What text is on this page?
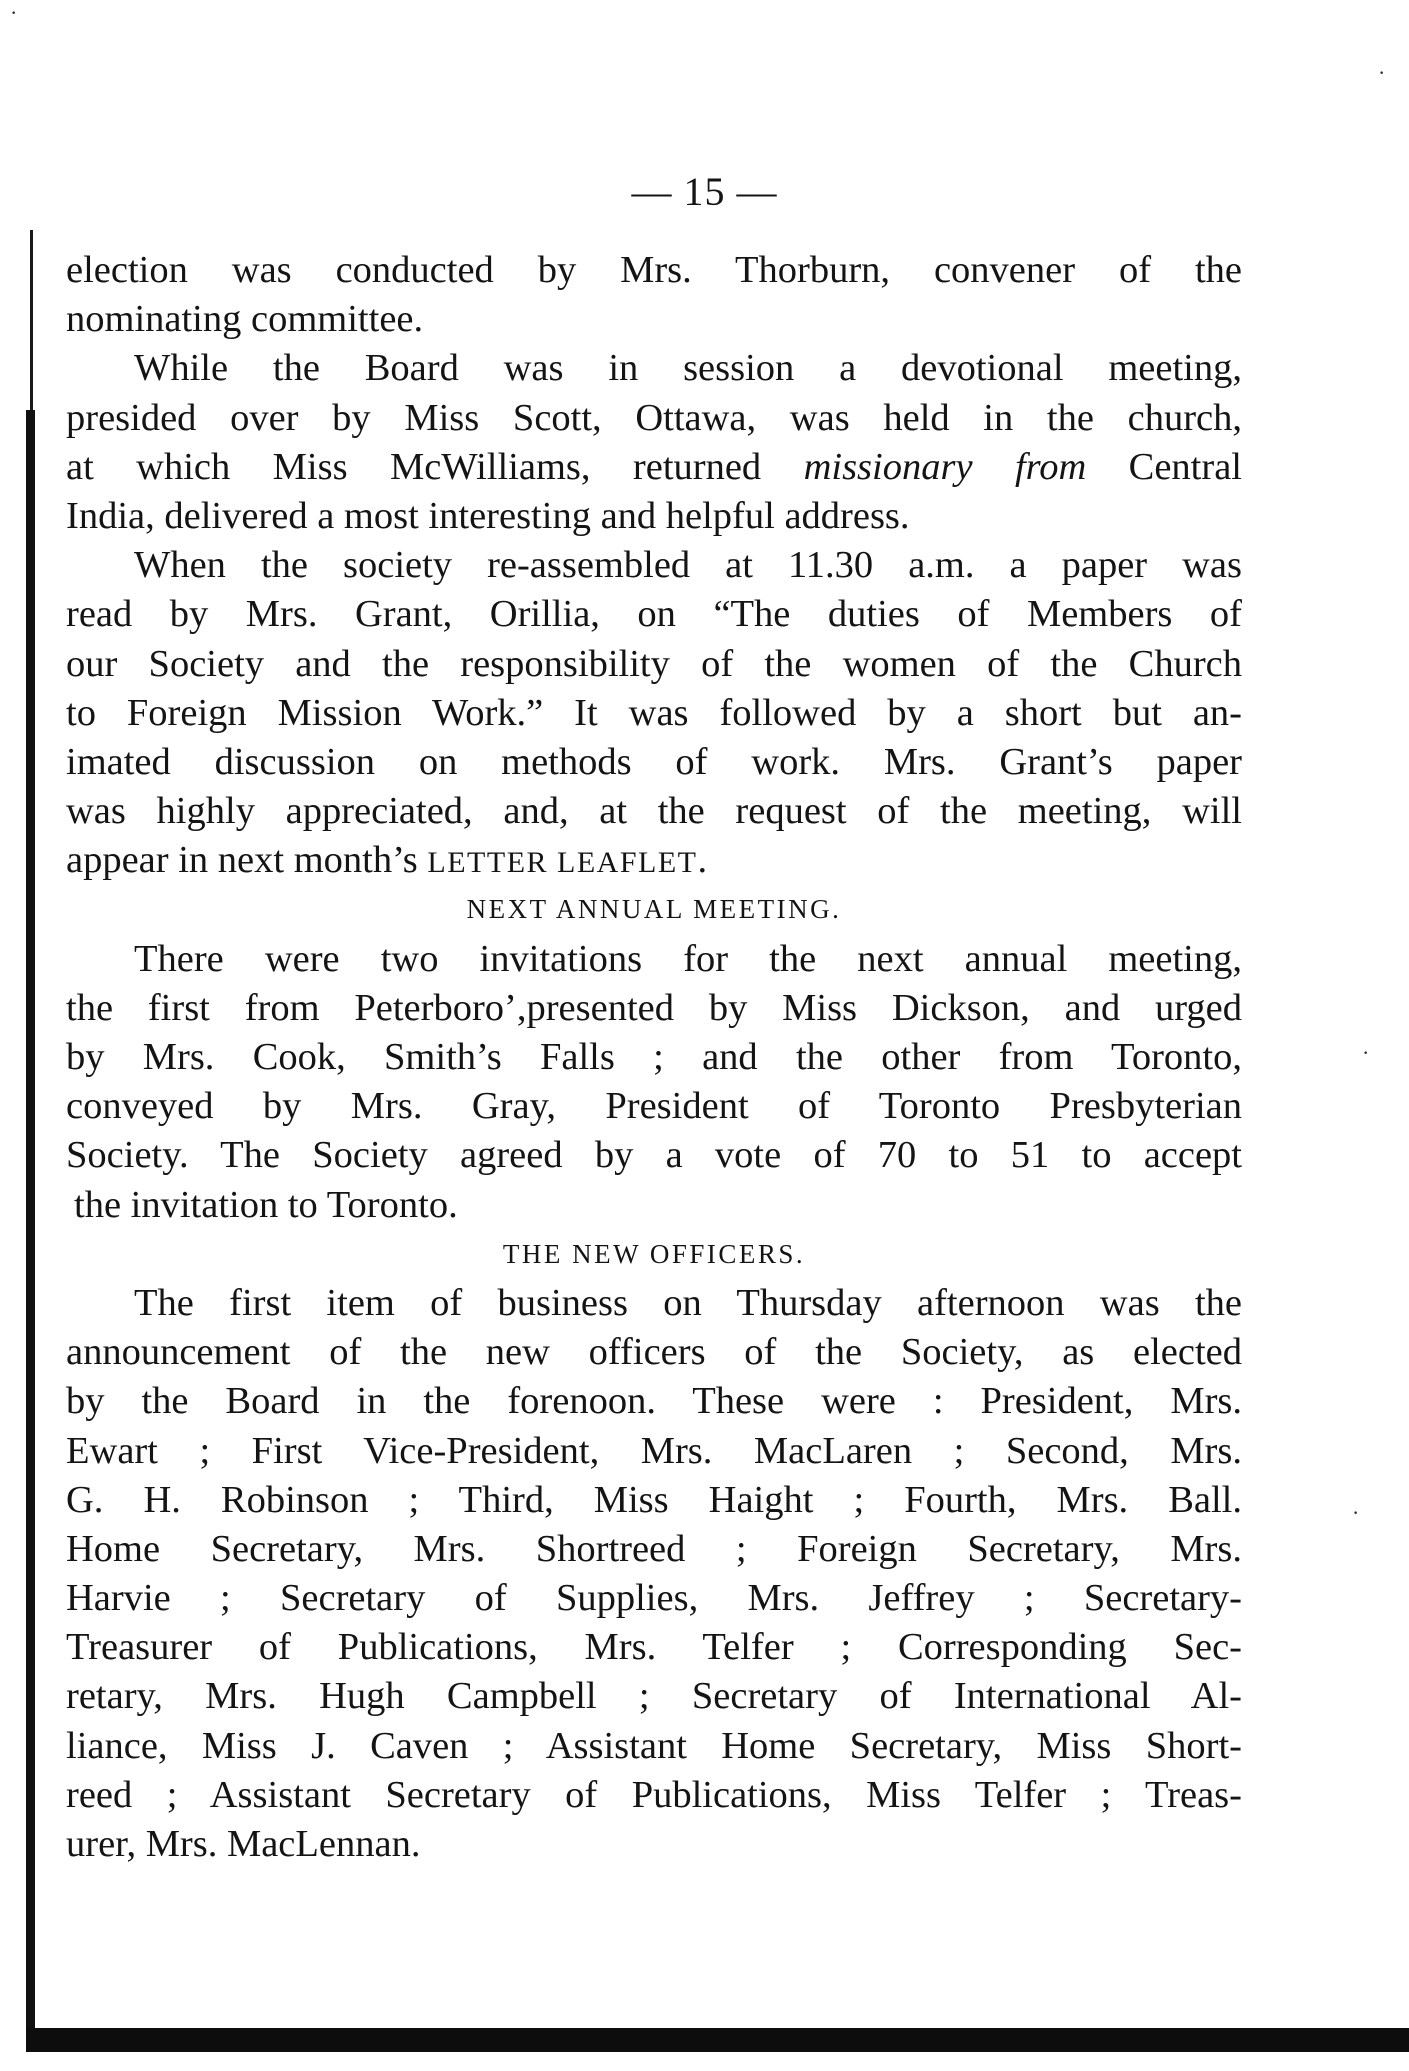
·
·
·
·
— 15 —
election was conducted by Mrs. Thorburn, convener of the
nominating committee.
While the Board was in session a devotional meeting,
presided over by Miss Scott, Ottawa, was held in the church,
at which Miss McWilliams, returned missionary from Central
India, delivered a most interesting and helpful address.
When the society re-assembled at 11.30 a.m. a paper was
read by Mrs. Grant, Orillia, on “The duties of Members of
our Society and the responsibility of the women of the Church
to Foreign Mission Work.” It was followed by a short but an-
imated discussion on methods of work. Mrs. Grant’s paper
was highly appreciated, and, at the request of the meeting, will
appear in next month’s LETTER LEAFLET.
NEXT ANNUAL MEETING.
There were two invitations for the next annual meeting,
the first from Peterboro’,presented by Miss Dickson, and urged
by Mrs. Cook, Smith’s Falls ; and the other from Toronto,
conveyed by Mrs. Gray, President of Toronto Presbyterian
Society. The Society agreed by a vote of 70 to 51 to accept
the invitation to Toronto.
THE NEW OFFICERS.
The first item of business on Thursday afternoon was the
announcement of the new officers of the Society, as elected
by the Board in the forenoon. These were : President, Mrs.
Ewart ; First Vice-President, Mrs. MacLaren ; Second, Mrs.
G. H. Robinson ; Third, Miss Haight ; Fourth, Mrs. Ball.
Home Secretary, Mrs. Shortreed ; Foreign Secretary, Mrs.
Harvie ; Secretary of Supplies, Mrs. Jeffrey ; Secretary-
Treasurer of Publications, Mrs. Telfer ; Corresponding Sec-
retary, Mrs. Hugh Campbell ; Secretary of International Al-
liance, Miss J. Caven ; Assistant Home Secretary, Miss Short-
reed ; Assistant Secretary of Publications, Miss Telfer ; Treas-
urer, Mrs. MacLennan.
